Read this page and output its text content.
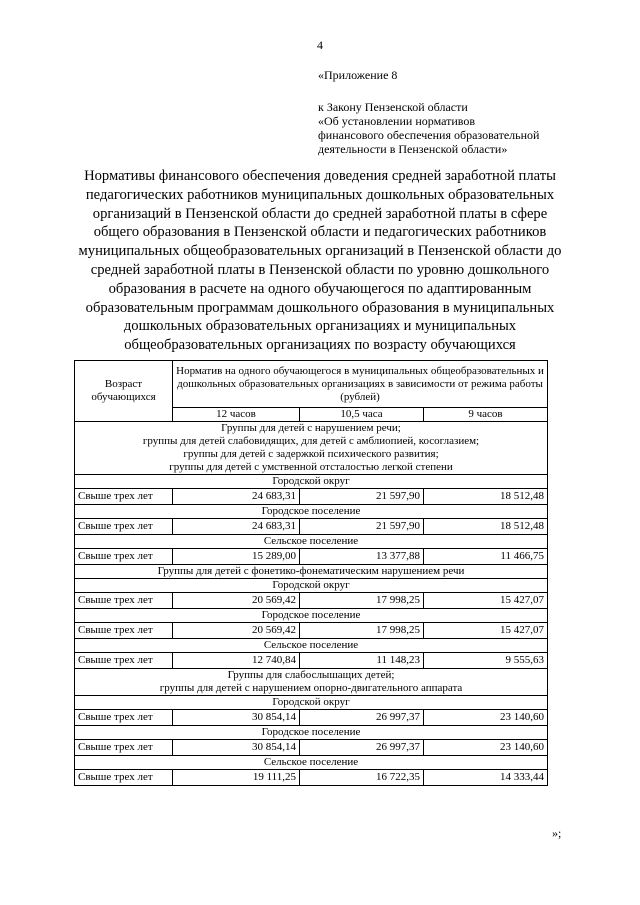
4
«Приложение 8
к Закону Пензенской области
«Об установлении нормативов
финансового обеспечения образовательной
деятельности в Пензенской области»
Нормативы финансового обеспечения доведения средней заработной платы педагогических работников муниципальных дошкольных образовательных организаций в Пензенской области до средней заработной платы в сфере общего образования в Пензенской области и педагогических работников муниципальных общеобразовательных организаций в Пензенской области до средней заработной платы в Пензенской области по уровню дошкольного образования в расчете на одного обучающегося по адаптированным образовательным программам дошкольного образования в муниципальных дошкольных образовательных организациях и муниципальных общеобразовательных организациях по возрасту обучающихся
Возраст обучающихся	Норматив на одного обучающегося в муниципальных общеобразовательных и дошкольных образовательных организациях в зависимости от режима работы (рублей)		
	12 часов	10,5 часа	9 часов

Группы для детей с нарушением речи;
группы для детей слабовидящих, для детей с амблиопией, косоглазием;
группы для детей с задержкой психического развития;
группы для детей с умственной отсталостью легкой степени			

Городской округ			
Свыше трех лет	24 683,31	21 597,90	18 512,48
Городское поселение			
Свыше трех лет	24 683,31	21 597,90	18 512,48
Сельское поселение			
Свыше трех лет	15 289,00	13 377,88	11 466,75

Группы для детей с фонетико-фонематическим нарушением речи			

Городской округ			
Свыше трех лет	20 569,42	17 998,25	15 427,07
Городское поселение			
Свыше трех лет	20 569,42	17 998,25	15 427,07
Сельское поселение			
Свыше трех лет	12 740,84	11 148,23	9 555,63

Группы для слабослышащих детей;
группы для детей с нарушением опорно-двигательного аппарата			

Городской округ			
Свыше трех лет	30 854,14	26 997,37	23 140,60
Городское поселение			
Свыше трех лет	30 854,14	26 997,37	23 140,60
Сельское поселение			
Свыше трех лет	19 111,25	16 722,35	14 333,44
»;
